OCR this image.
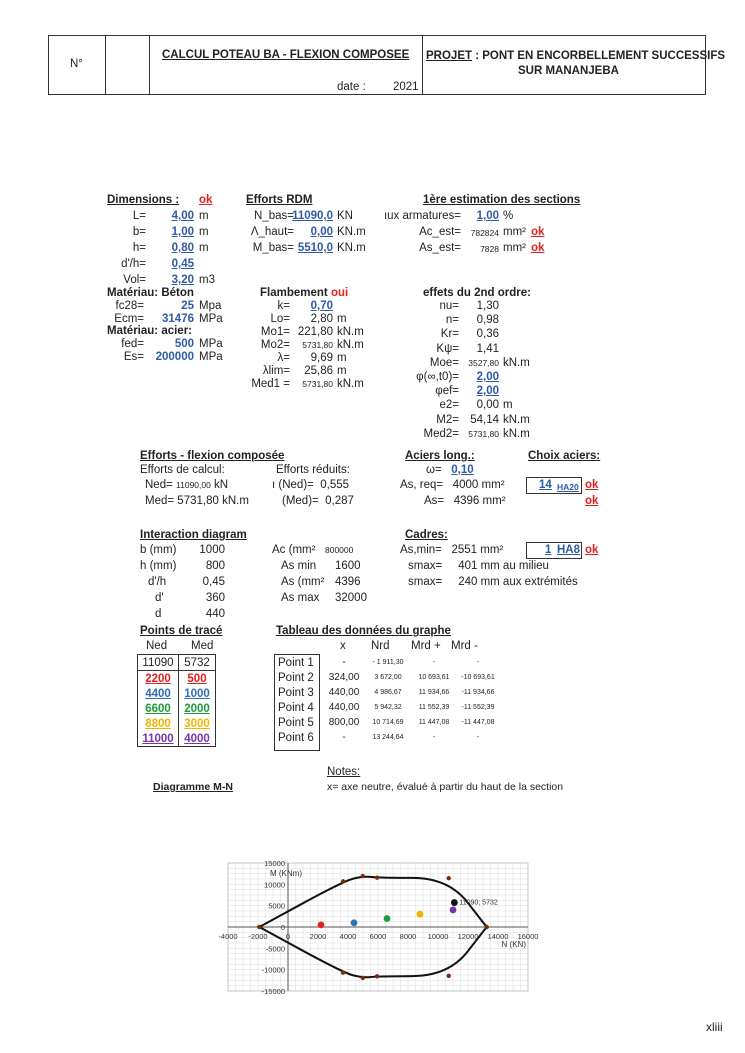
N°
CALCUL POTEAU BA - FLEXION COMPOSEE
date : 2021
PROJET : PONT EN ENCORBELLEMENT SUCCESSIFS
SUR MANANJEBA
Dimensions : ok
L= 4,00 m
b= 1,00 m
h= 0,80 m
d'/h= 0,45
Vol= 3,20 m3
Efforts RDM
N_bas=
11090,0 KN
Λ_haut= 0,00 KN.m
M_bas= 5510,0 KN.m
1ère estimation des sections
ıux armatures= 1,00 %
Ac_est= 782824 mm² ok
As_est= 7828 mm² ok
Matériau: Béton
fc28=	25 Mpa
Ecm= 31476 MPa
Matériau: acier:
fed=	500 MPa
Es= 200000 MPa
Flambement oui
k= 0,70
Lo= 2,80 m
Mo1= 221,80 kN.m
Mo2= 5731,80 kN.m
λ= 9,69 m
λlim= 25,86 m
Med1 = 5731,80 kN.m
effets du 2nd ordre:
nu= 1,30
n= 0,98
Kr= 0,36
Kψ= 1,41
Moe= 3527,80 kN.m
φ(∞,t0)= 2,00
φef= 2,00
e2= 0,00 m
M2= 54,14 kN.m
Med2= 5731,80 kN.m
Efforts - flexion composée
Efforts de calcul:	Efforts réduits:
Ned= 11090,00 kN
Med= 5731,80 kN.m
ı (Ned)= 0,555
(Med)= 0,287
Aciers long.:
ω= 0,10
As, req= 4000 mm²
As= 4396 mm²
Choix aciers:
14 HA20 ok
ok
Interaction diagram
b (mm) 1000
h (mm)	800
d'/h	0,45
d'	360
d	440
Ac (mm² 800000
As min 1600
As (mm² 4396
As max 32000
Cadres:
As,min= 2551 mm²	1 HA8 ok
smax= 401 mm au milieu
smax= 240 mm aux extrémités
Points de tracé
Ned Med
11090	5732
2200	500
4400	1000
6600	2000
8800	3000
11000	4000
Tableau des données du graphe
x Nrd Mrd + Mrd -
Point 1	-	- 1 911,30	-	-
Point 2	324,00	3 672,00	10 693,61	-10 693,61
Point 3	440,00	4 986,67	11 934,66	-11 934,66
Point 4	440,00	5 942,32	11 552,39	-11 552,39
Point 5	800,00	10 714,69	11 447,08	-11 447,08
Point 6	-	13 244,64	-	-
Notes:
x= axe neutre, évalué à partir du haut de la section
Diagramme M-N
-4000 -2000 0	2000 4000 6000 8000 10000 12000 14000 16000
15000
10000
5000
0
-5000
-10000
-15000
M (KNm)
N (KN)
11090; 5732
xliii
